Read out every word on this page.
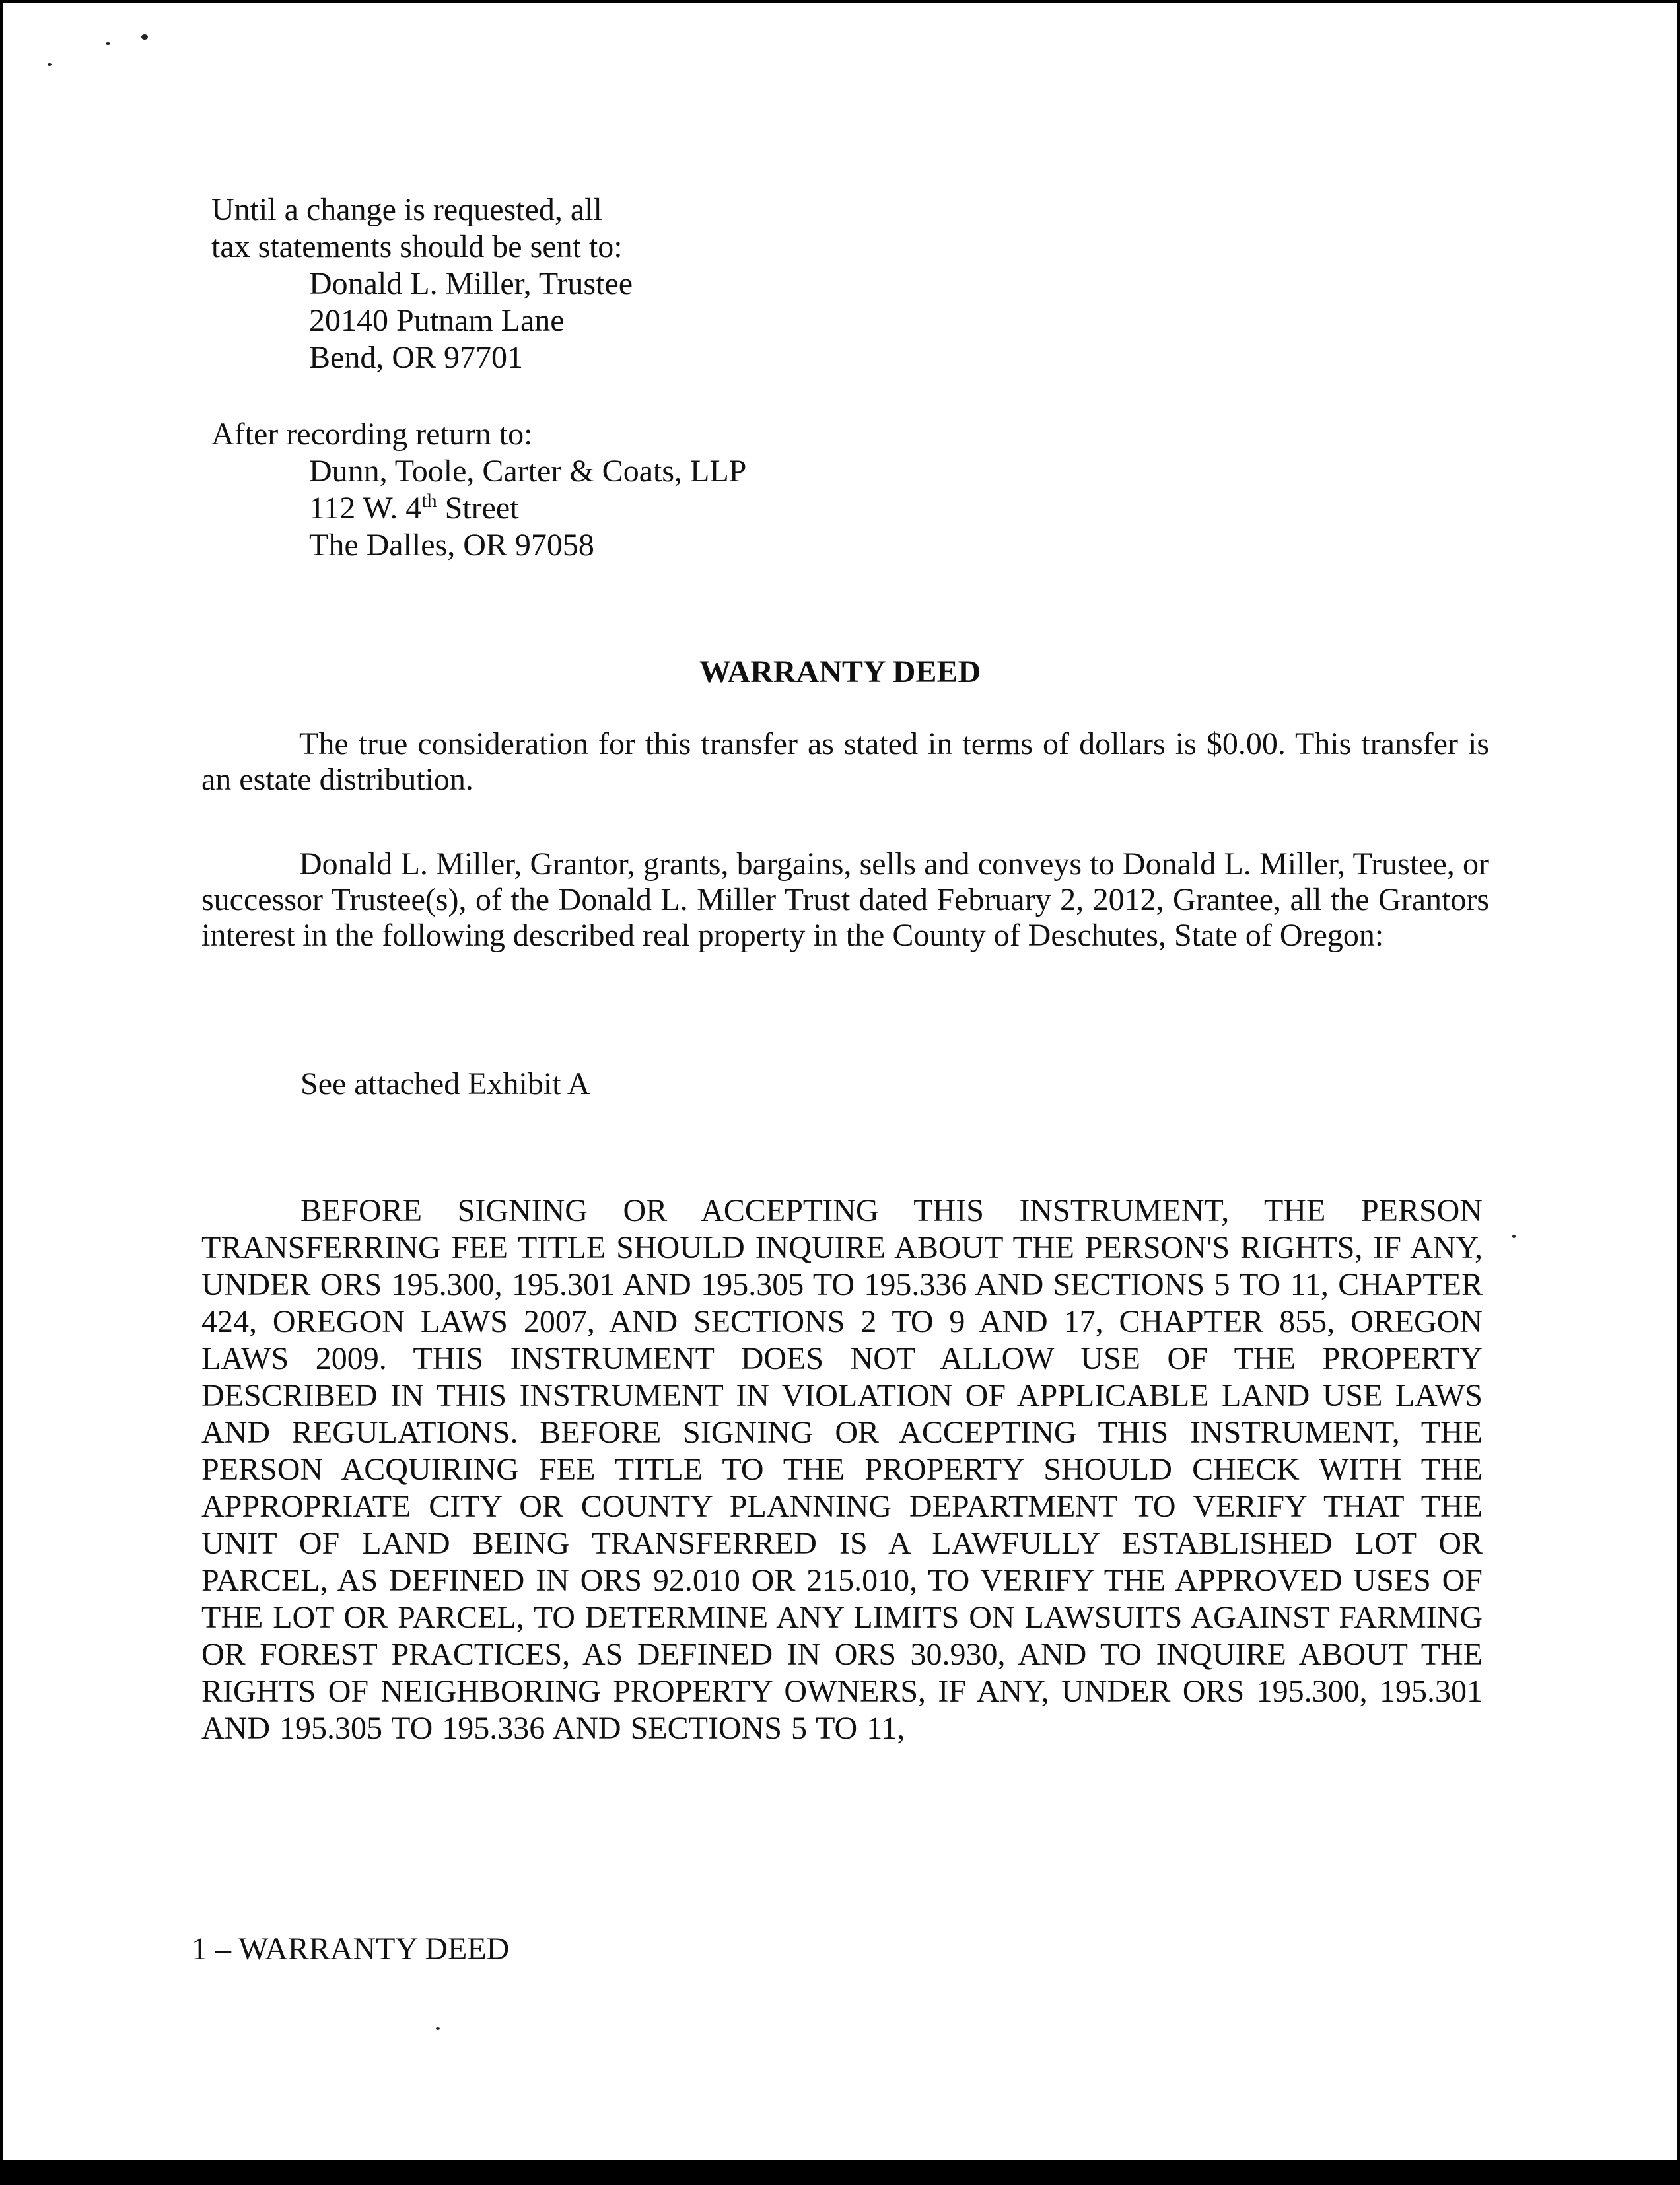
Until a change is requested, all
tax statements should be sent to:
Donald L. Miller, Trustee
20140 Putnam Lane
Bend, OR 97701
After recording return to:
Dunn, Toole, Carter & Coats, LLP
112 W. 4th Street
The Dalles, OR 97058
WARRANTY DEED
The true consideration for this transfer as stated in terms of dollars is $0.00. This transfer is an estate distribution.
Donald L. Miller, Grantor, grants, bargains, sells and conveys to Donald L. Miller, Trustee, or successor Trustee(s), of the Donald L. Miller Trust dated February 2, 2012, Grantee, all the Grantors interest in the following described real property in the County of Deschutes, State of Oregon:
See attached Exhibit A
BEFORE SIGNING OR ACCEPTING THIS INSTRUMENT, THE PERSON TRANSFERRING FEE TITLE SHOULD INQUIRE ABOUT THE PERSON'S RIGHTS, IF ANY, UNDER ORS 195.300, 195.301 AND 195.305 TO 195.336 AND SECTIONS 5 TO 11, CHAPTER 424, OREGON LAWS 2007, AND SECTIONS 2 TO 9 AND 17, CHAPTER 855, OREGON LAWS 2009. THIS INSTRUMENT DOES NOT ALLOW USE OF THE PROPERTY DESCRIBED IN THIS INSTRUMENT IN VIOLATION OF APPLICABLE LAND USE LAWS AND REGULATIONS. BEFORE SIGNING OR ACCEPTING THIS INSTRUMENT, THE PERSON ACQUIRING FEE TITLE TO THE PROPERTY SHOULD CHECK WITH THE APPROPRIATE CITY OR COUNTY PLANNING DEPARTMENT TO VERIFY THAT THE UNIT OF LAND BEING TRANSFERRED IS A LAWFULLY ESTABLISHED LOT OR PARCEL, AS DEFINED IN ORS 92.010 OR 215.010, TO VERIFY THE APPROVED USES OF THE LOT OR PARCEL, TO DETERMINE ANY LIMITS ON LAWSUITS AGAINST FARMING OR FOREST PRACTICES, AS DEFINED IN ORS 30.930, AND TO INQUIRE ABOUT THE RIGHTS OF NEIGHBORING PROPERTY OWNERS, IF ANY, UNDER ORS 195.300, 195.301 AND 195.305 TO 195.336 AND SECTIONS 5 TO 11,
1 – WARRANTY DEED
